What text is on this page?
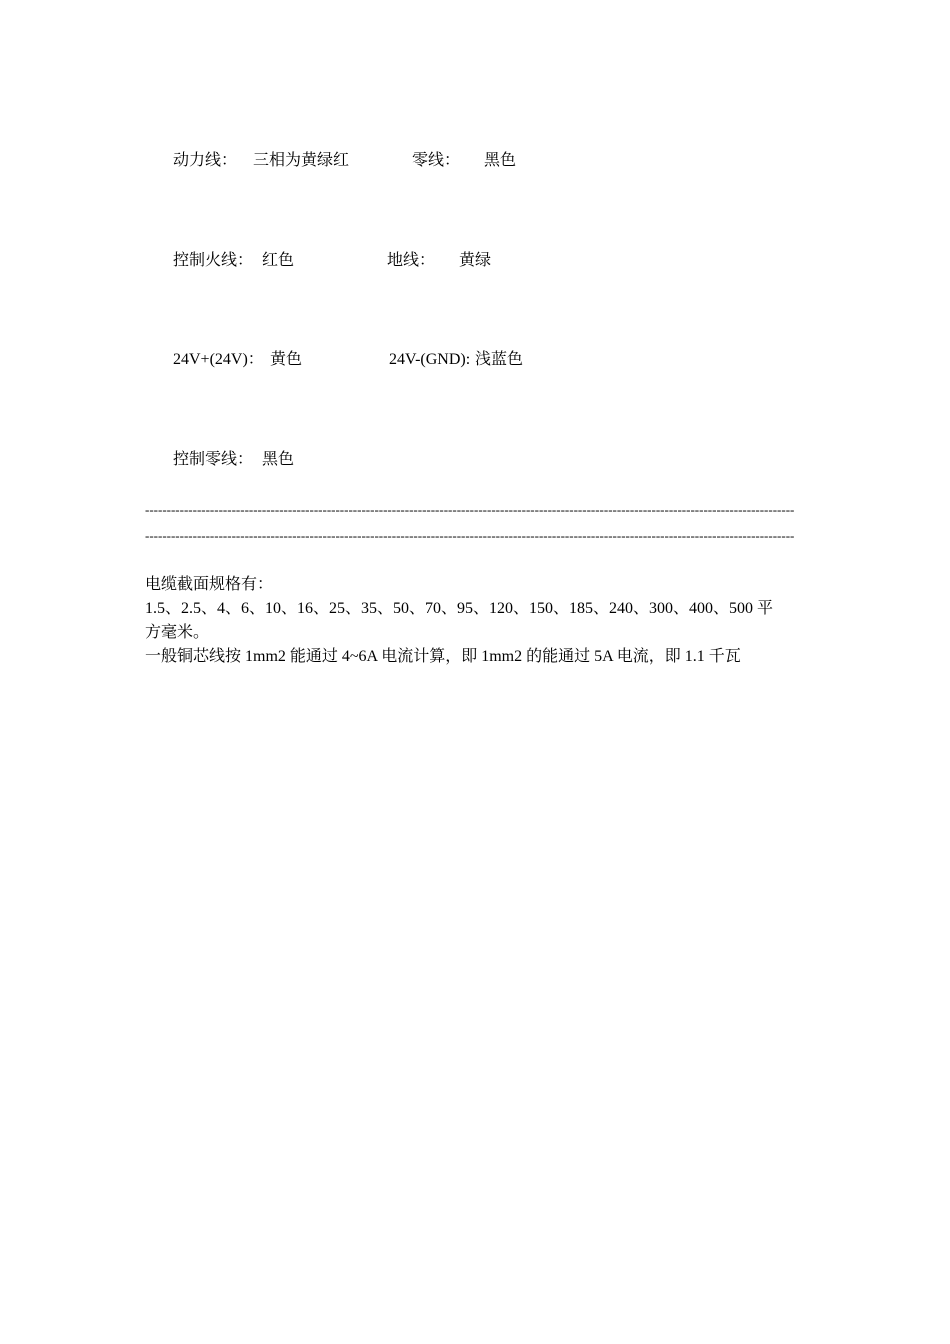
动力线： 三相为黄绿红	零线： 黑色
控制火线： 红色	地线： 黄绿
24V+(24V)： 黄色	24V-(GND): 浅蓝色
控制零线： 黑色
------------------------------------------------------------------------------------------------------------------------------------------------------
------------------------------------------------------------------------------------------------------------------------------------------------------
电缆截面规格有：
1.5、2.5、4、6、10、16、25、35、50、70、95、120、150、185、240、300、400、500 平
方毫米。
一般铜芯线按 1mm2 能通过 4~6A 电流计算，即 1mm2 的能通过 5A 电流，即 1.1 千瓦
